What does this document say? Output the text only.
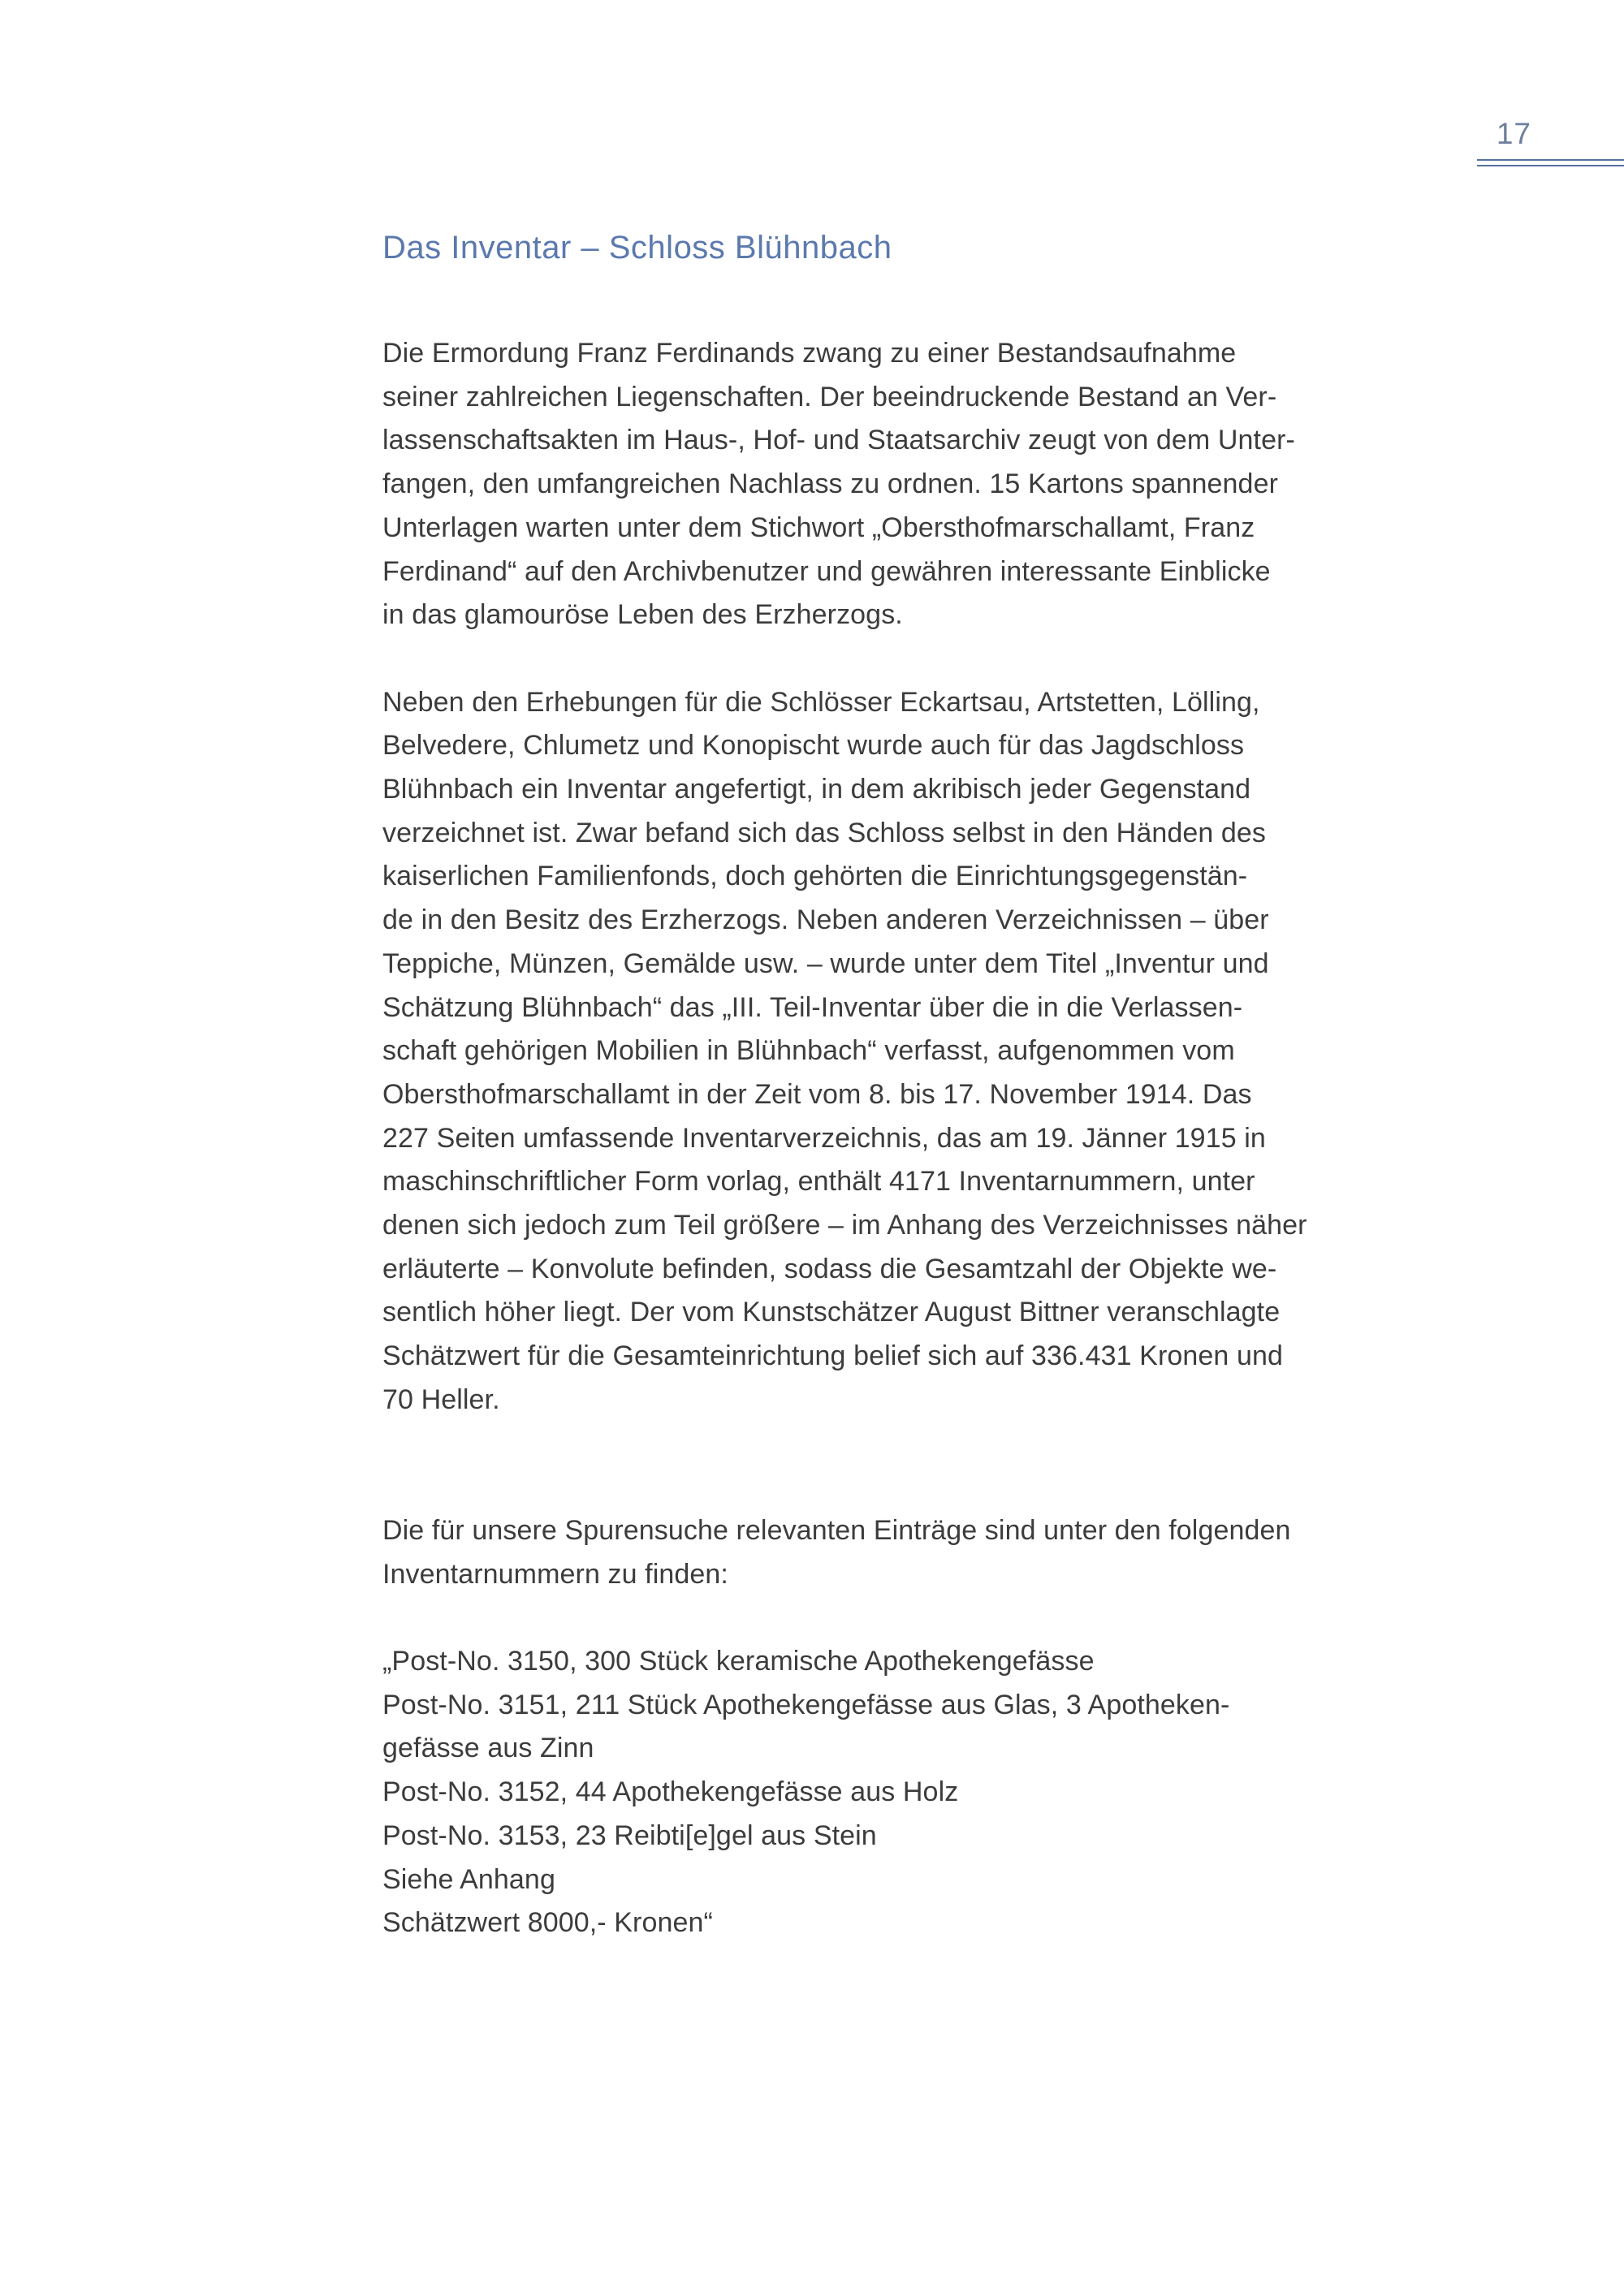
17
Das Inventar – Schloss Blühnbach
Die Ermordung Franz Ferdinands zwang zu einer Bestandsaufnahme
seiner zahlreichen Liegenschaften. Der beeindruckende Bestand an Ver-
lassenschaftsakten im Haus-, Hof- und Staatsarchiv zeugt von dem Unter-
fangen, den umfangreichen Nachlass zu ordnen. 15 Kartons spannender
Unterlagen warten unter dem Stichwort „Obersthofmarschallamt, Franz
Ferdinand“ auf den Archivbenutzer und gewähren interessante Einblicke
in das glamouröse Leben des Erzherzogs.
Neben den Erhebungen für die Schlösser Eckartsau, Artstetten, Lölling,
Belvedere, Chlumetz und Konopischt wurde auch für das Jagdschloss
Blühnbach ein Inventar angefertigt, in dem akribisch jeder Gegenstand
verzeichnet ist. Zwar befand sich das Schloss selbst in den Händen des
kaiserlichen Familienfonds, doch gehörten die Einrichtungsgegenstän-
de in den Besitz des Erzherzogs. Neben anderen Verzeichnissen – über
Teppiche, Münzen, Gemälde usw. – wurde unter dem Titel „Inventur und
Schätzung Blühnbach“ das „III. Teil-Inventar über die in die Verlassen-
schaft gehörigen Mobilien in Blühnbach“ verfasst, aufgenommen vom
Obersthofmarschallamt in der Zeit vom 8. bis 17. November 1914. Das
227 Seiten umfassende Inventarverzeichnis, das am 19. Jänner 1915 in
maschinschriftlicher Form vorlag, enthält 4171 Inventarnummern, unter
denen sich jedoch zum Teil größere – im Anhang des Verzeichnisses näher
erläuterte – Konvolute befinden, sodass die Gesamtzahl der Objekte we-
sentlich höher liegt. Der vom Kunstschätzer August Bittner veranschlagte
Schätzwert für die Gesamteinrichtung belief sich auf 336.431 Kronen und
70 Heller.
Die für unsere Spurensuche relevanten Einträge sind unter den folgenden
Inventarnummern zu finden:
„Post-No. 3150, 300 Stück keramische Apothekengefässe
Post-No. 3151, 211 Stück Apothekengefässe aus Glas, 3 Apotheken-
gefässe aus Zinn
Post-No. 3152, 44 Apothekengefässe aus Holz
Post-No. 3153, 23 Reibti[e]gel aus Stein
Siehe Anhang
Schätzwert 8000,- Kronen“
